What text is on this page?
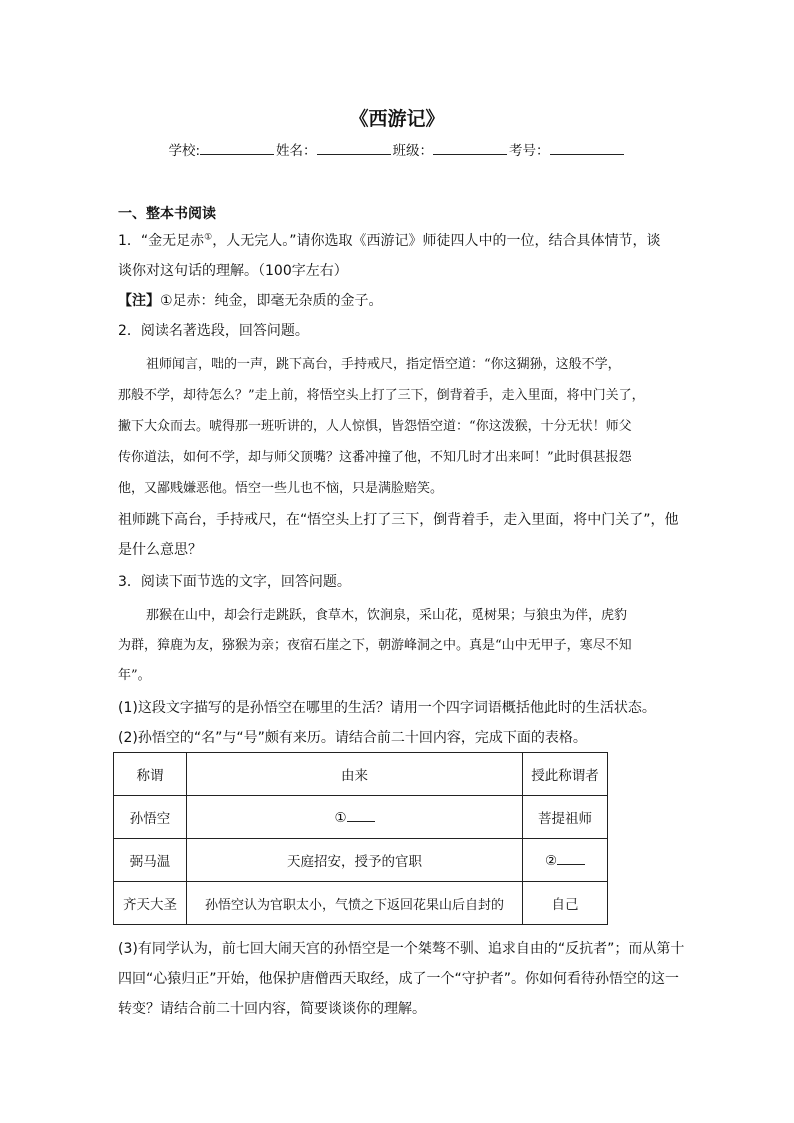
《西游记》
学校:	姓名：	班级：	考号：
一、整本书阅读
1．“金无足赤①，人无完人。”请你选取《西游记》师徒四人中的一位，结合具体情节，谈
谈你对这句话的理解。（100字左右）
【注】①足赤：纯金，即毫无杂质的金子。
2．阅读名著选段，回答问题。
祖师闻言，咄的一声，跳下高台，手持戒尺，指定悟空道：“你这猢狲，这般不学，
那般不学，却待怎么？”走上前，将悟空头上打了三下，倒背着手，走入里面，将中门关了，
撇下大众而去。唬得那一班听讲的，人人惊惧，皆怨悟空道：“你这泼猴，十分无状！师父
传你道法，如何不学，却与师父顶嘴？这番冲撞了他，不知几时才出来呵！”此时俱甚报怨
他，又鄙贱嫌恶他。悟空一些儿也不恼，只是满脸赔笑。
祖师跳下高台，手持戒尺，在“悟空头上打了三下，倒背着手，走入里面，将中门关了”，他
是什么意思？
3．阅读下面节选的文字，回答问题。
那猴在山中，却会行走跳跃，食草木，饮涧泉，采山花，觅树果；与狼虫为伴，虎豹
为群，獐鹿为友，猕猴为亲；夜宿石崖之下，朝游峰洞之中。真是“山中无甲子，寒尽不知
年”。
(1)这段文字描写的是孙悟空在哪里的生活？请用一个四字词语概括他此时的生活状态。
(2)孙悟空的“名”与“号”颇有来历。请结合前二十回内容，完成下面的表格。
称谓	由来	授此称谓者
孙悟空	①	菩提祖师
弼马温	天庭招安，授予的官职	②
齐天大圣	孙悟空认为官职太小，气愤之下返回花果山后自封的	自己
(3)有同学认为，前七回大闹天宫的孙悟空是一个桀骜不驯、追求自由的“反抗者”；而从第十
四回“心猿归正”开始，他保护唐僧西天取经，成了一个“守护者”。你如何看待孙悟空的这一
转变？请结合前二十回内容，简要谈谈你的理解。
